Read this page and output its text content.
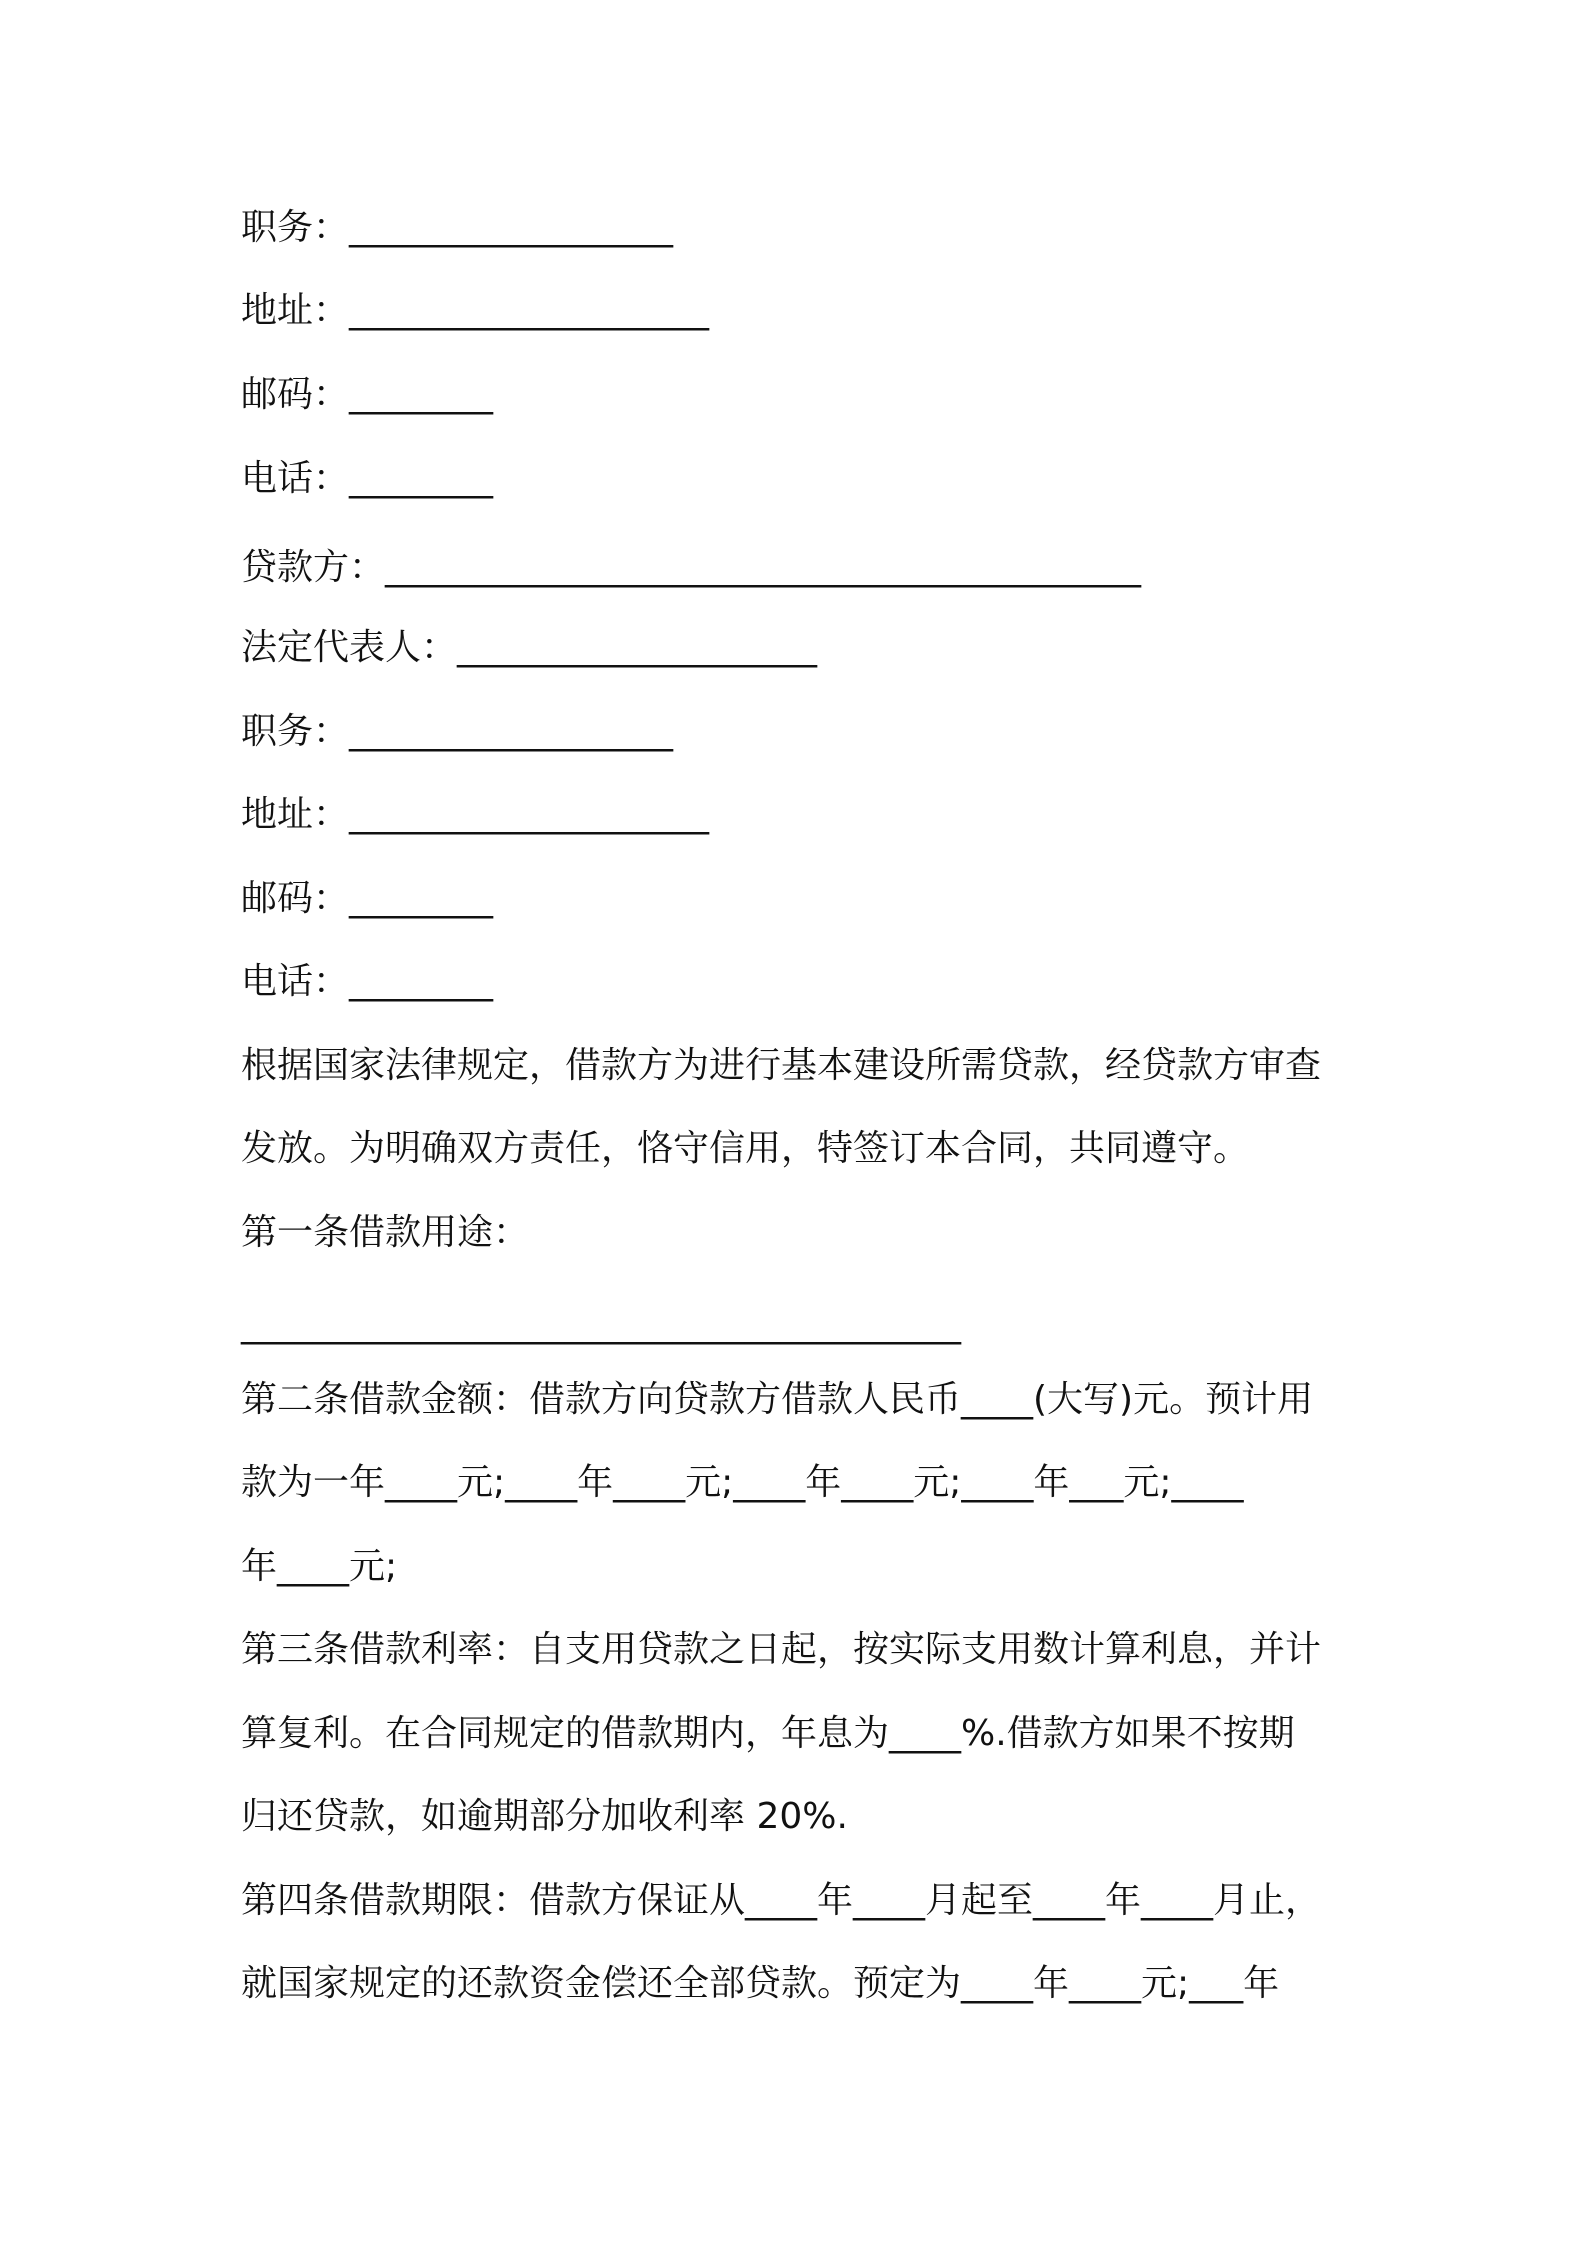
职务：__________________

地址：____________________

邮码：________

电话：________

贷款方：__________________________________________

法定代表人：____________________

职务：__________________

地址：____________________

邮码：________

电话：________

根据国家法律规定，借款方为进行基本建设所需贷款，经贷款方审查

发放。为明确双方责任，恪守信用，特签订本合同，共同遵守。

第一条借款用途：

________________________________________

第二条借款金额：借款方向贷款方借款人民币____(大写)元。预计用

款为一年____元;____年____元;____年____元;____年___元;____

年____元;

第三条借款利率：自支用贷款之日起，按实际支用数计算利息，并计

算复利。在合同规定的借款期内，年息为____%.借款方如果不按期

归还贷款，如逾期部分加收利率 20%.

第四条借款期限：借款方保证从____年____月起至____年____月止，

就国家规定的还款资金偿还全部贷款。预定为____年____元;___年
